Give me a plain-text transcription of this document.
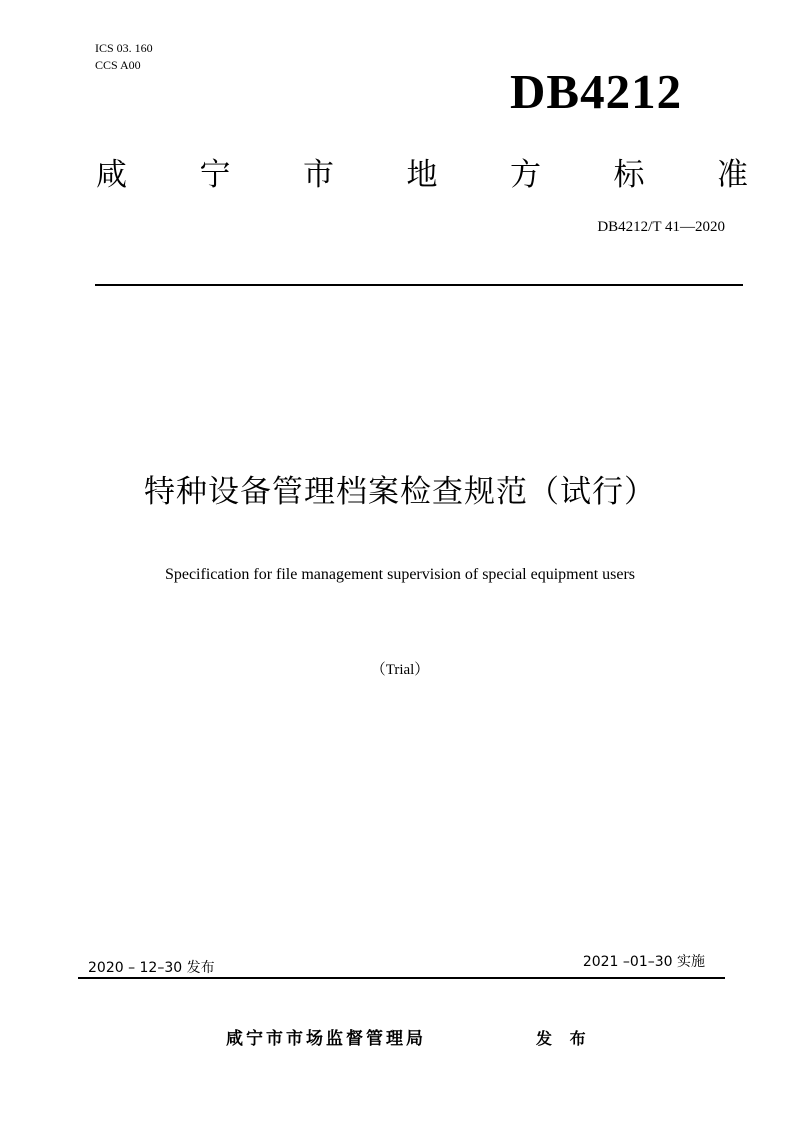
ICS 03. 160
CCS A00	DB4212
咸 宁 市 地 方 标 准
DB4212/T 41—2020
特种设备管理档案检查规范（试行）
Specification for file management supervision of special equipment users
（Trial）
2020 – 12–30 发布	2021 –01–30 实施
咸宁市市场监督管理局	发 布
